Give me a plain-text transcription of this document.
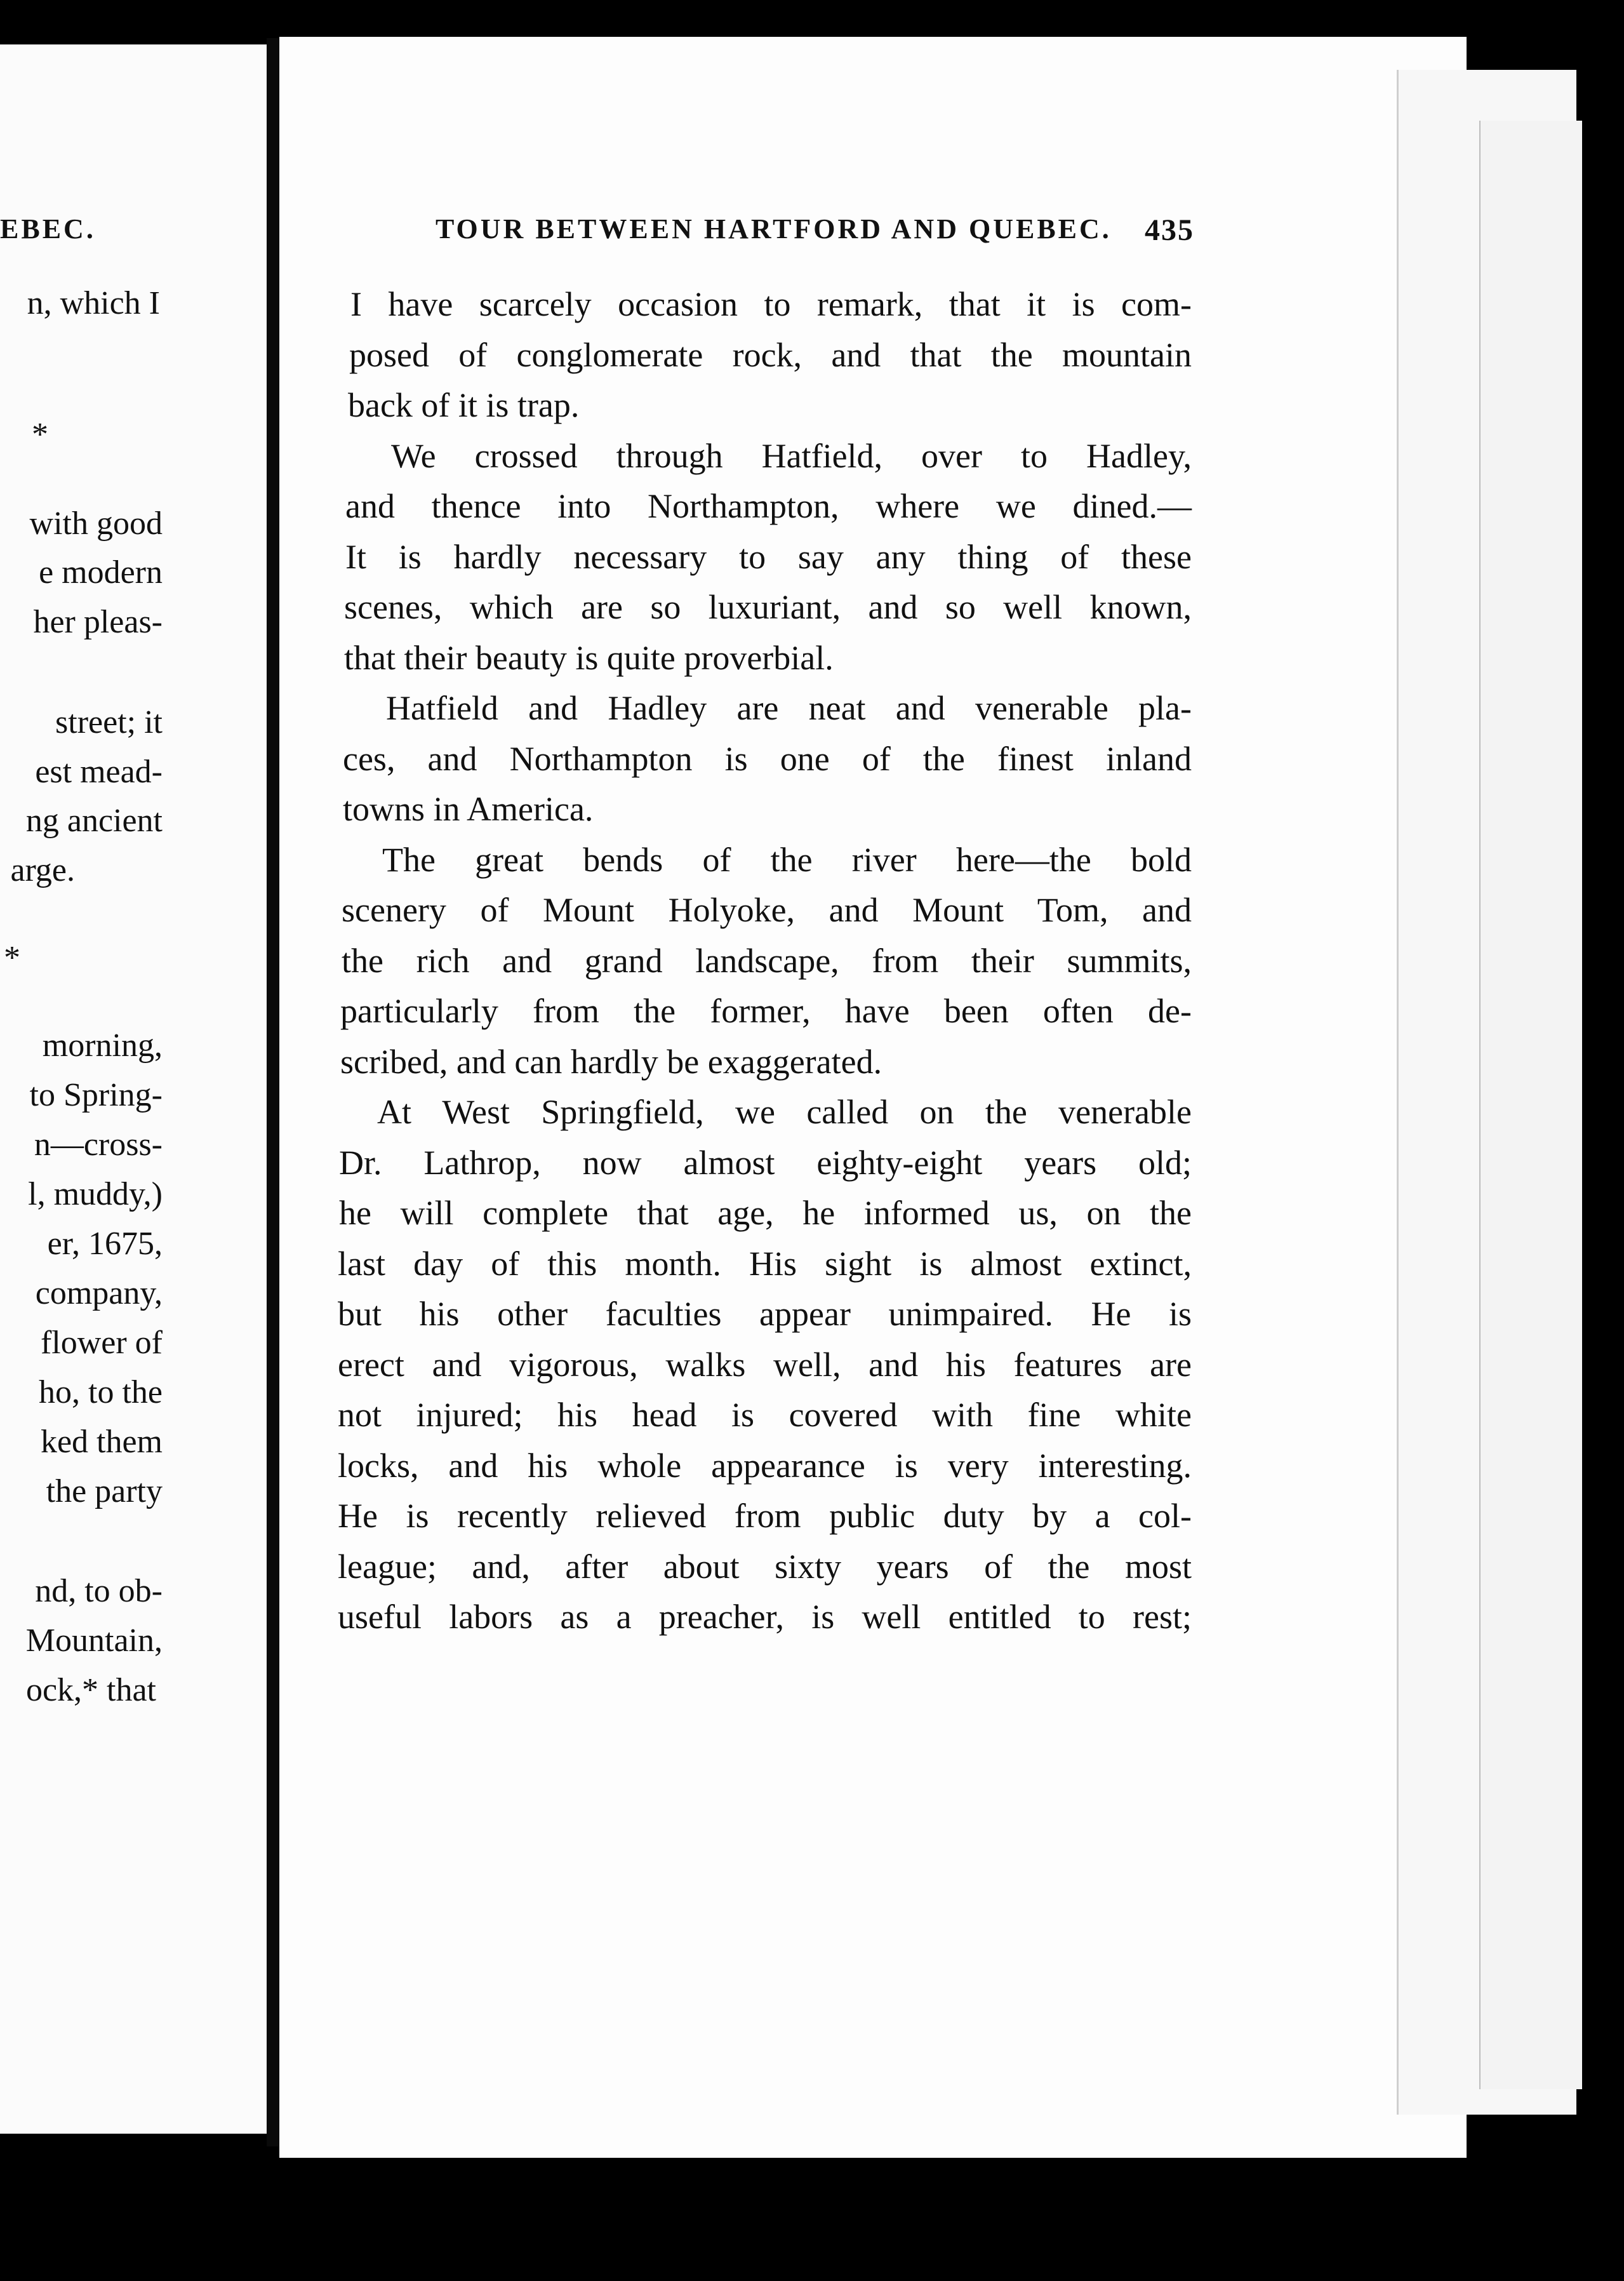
EBEC.
n, which I
*
with good
e modern
her pleas-
street; it
est mead-
ng ancient
arge.
*
morning,
to Spring-
n—cross-
l, muddy,)
er, 1675,
company,
flower of
ho, to the
ked them
the party
nd, to ob-
Mountain,
ock,* that
TOUR BETWEEN HARTFORD AND QUEBEC. 435
I have scarcely occasion to remark, that it is com-
posed of conglomerate rock, and that the mountain
back of it is trap.
We crossed through Hatfield, over to Hadley,
and thence into Northampton, where we dined.—
It is hardly necessary to say any thing of these
scenes, which are so luxuriant, and so well known,
that their beauty is quite proverbial.
Hatfield and Hadley are neat and venerable pla-
ces, and Northampton is one of the finest inland
towns in America.
The great bends of the river here—the bold
scenery of Mount Holyoke, and Mount Tom, and
the rich and grand landscape, from their summits,
particularly from the former, have been often de-
scribed, and can hardly be exaggerated.
At West Springfield, we called on the venerable
Dr. Lathrop, now almost eighty-eight years old;
he will complete that age, he informed us, on the
last day of this month. His sight is almost extinct,
but his other faculties appear unimpaired. He is
erect and vigorous, walks well, and his features are
not injured; his head is covered with fine white
locks, and his whole appearance is very interesting.
He is recently relieved from public duty by a col-
league; and, after about sixty years of the most
useful labors as a preacher, is well entitled to rest;
